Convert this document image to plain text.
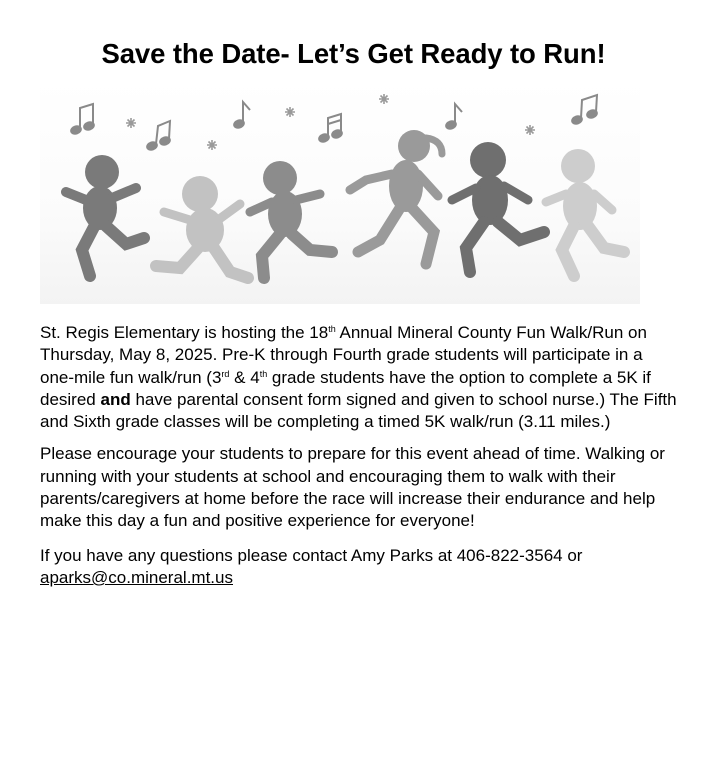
Save the Date- Let’s Get Ready to Run!

St. Regis Elementary is hosting the 18th Annual Mineral County Fun Walk/Run on Thursday, May 8, 2025. Pre-K through Fourth grade students will participate in a one-mile fun walk/run (3rd & 4th grade students have the option to complete a 5K if desired and have parental consent form signed and given to school nurse.) The Fifth and Sixth grade classes will be completing a timed 5K walk/run (3.11 miles.)

Please encourage your students to prepare for this event ahead of time. Walking or running with your students at school and encouraging them to walk with their parents/caregivers at home before the race will increase their endurance and help make this day a fun and positive experience for everyone!

If you have any questions please contact Amy Parks at 406-822-3564 or aparks@co.mineral.mt.us
